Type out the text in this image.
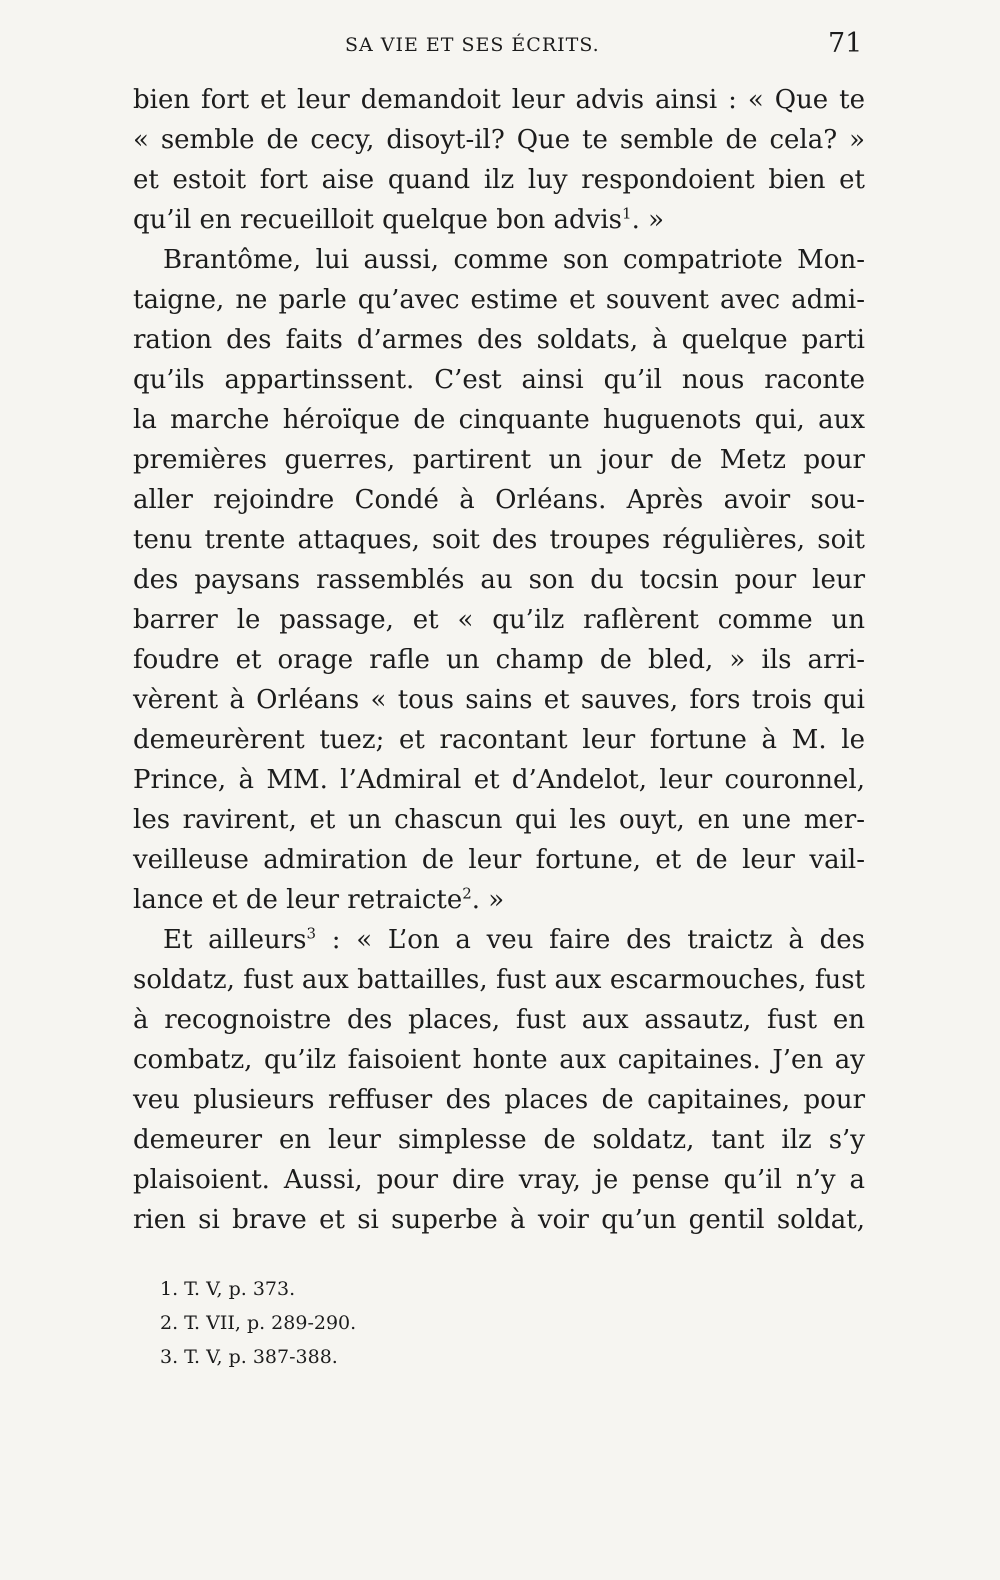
SA VIE ET SES ÉCRITS.	71
bien fort et leur demandoit leur advis ainsi : « Que te
« semble de cecy, disoyt-il? Que te semble de cela? »
et estoit fort aise quand ilz luy respondoient bien et
qu’il en recueilloit quelque bon advis$^1$. »
Brantôme, lui aussi, comme son compatriote Mon-
taigne, ne parle qu’avec estime et souvent avec admi-
ration des faits d’armes des soldats, à quelque parti
qu’ils appartinssent. C’est ainsi qu’il nous raconte
la marche héroïque de cinquante huguenots qui, aux
premières guerres, partirent un jour de Metz pour
aller rejoindre Condé à Orléans. Après avoir sou-
tenu trente attaques, soit des troupes régulières, soit
des paysans rassemblés au son du tocsin pour leur
barrer le passage, et « qu’ilz raflèrent comme un
foudre et orage rafle un champ de bled, » ils arri-
vèrent à Orléans « tous sains et sauves, fors trois qui
demeurèrent tuez; et racontant leur fortune à M. le
Prince, à MM. l’Admiral et d’Andelot, leur couronnel,
les ravirent, et un chascun qui les ouyt, en une mer-
veilleuse admiration de leur fortune, et de leur vail-
lance et de leur retraicte$^2$. »
Et ailleurs$^3$ : « L’on a veu faire des traictz à des
soldatz, fust aux battailles, fust aux escarmouches, fust
à recognoistre des places, fust aux assautz, fust en
combatz, qu’ilz faisoient honte aux capitaines. J’en ay
veu plusieurs reffuser des places de capitaines, pour
demeurer en leur simplesse de soldatz, tant ilz s’y
plaisoient. Aussi, pour dire vray, je pense qu’il n’y a
rien si brave et si superbe à voir qu’un gentil soldat,
1. T. V, p. 373.
2. T. VII, p. 289-290.
3. T. V, p. 387-388.
